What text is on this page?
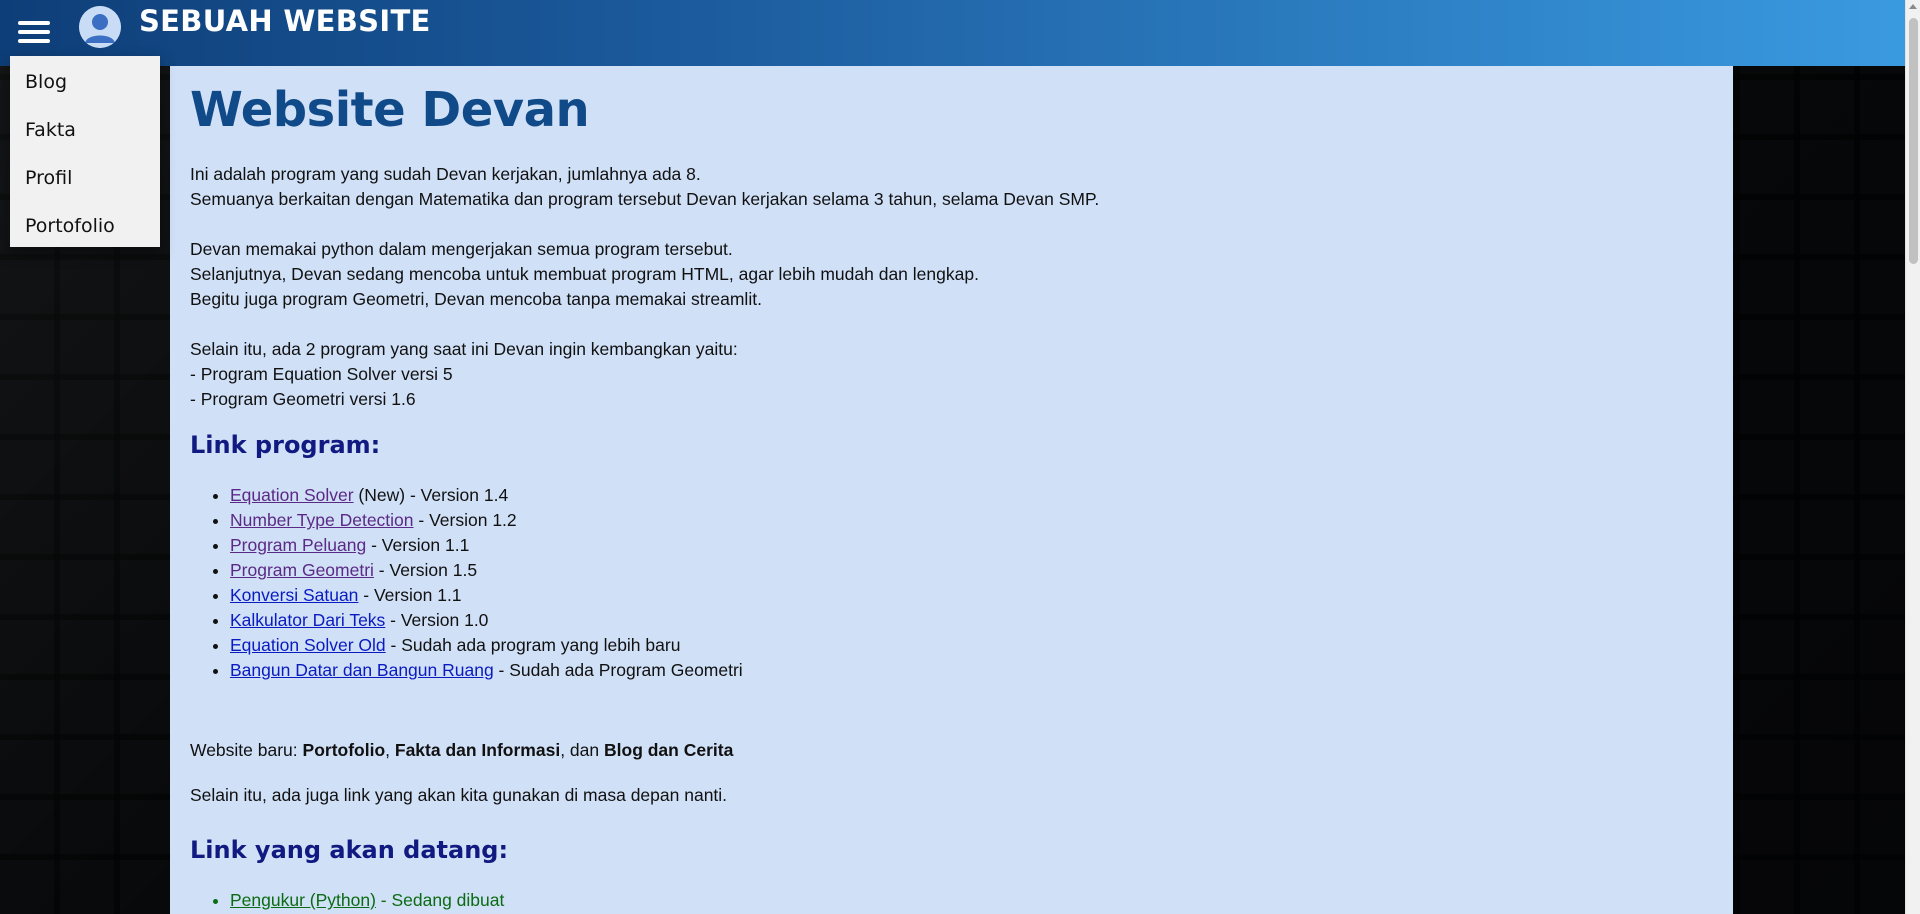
SEBUAH WEBSITE
Website Devan
Ini adalah program yang sudah Devan kerjakan, jumlahnya ada 8.
Semuanya berkaitan dengan Matematika dan program tersebut Devan kerjakan selama 3 tahun, selama Devan SMP.
Devan memakai python dalam mengerjakan semua program tersebut.
Selanjutnya, Devan sedang mencoba untuk membuat program HTML, agar lebih mudah dan lengkap.
Begitu juga program Geometri, Devan mencoba tanpa memakai streamlit.
Selain itu, ada 2 program yang saat ini Devan ingin kembangkan yaitu:
- Program Equation Solver versi 5
- Program Geometri versi 1.6
Link program:
• Equation Solver (New) - Version 1.4
• Number Type Detection - Version 1.2
• Program Peluang - Version 1.1
• Program Geometri - Version 1.5
• Konversi Satuan - Version 1.1
• Kalkulator Dari Teks - Version 1.0
• Equation Solver Old - Sudah ada program yang lebih baru
• Bangun Datar dan Bangun Ruang - Sudah ada Program Geometri
Website baru: Portofolio, Fakta dan Informasi, dan Blog dan Cerita
Selain itu, ada juga link yang akan kita gunakan di masa depan nanti.
Link yang akan datang:
• Pengukur (Python) - Sedang dibuat
Blog
Fakta
Profil
Portofolio
